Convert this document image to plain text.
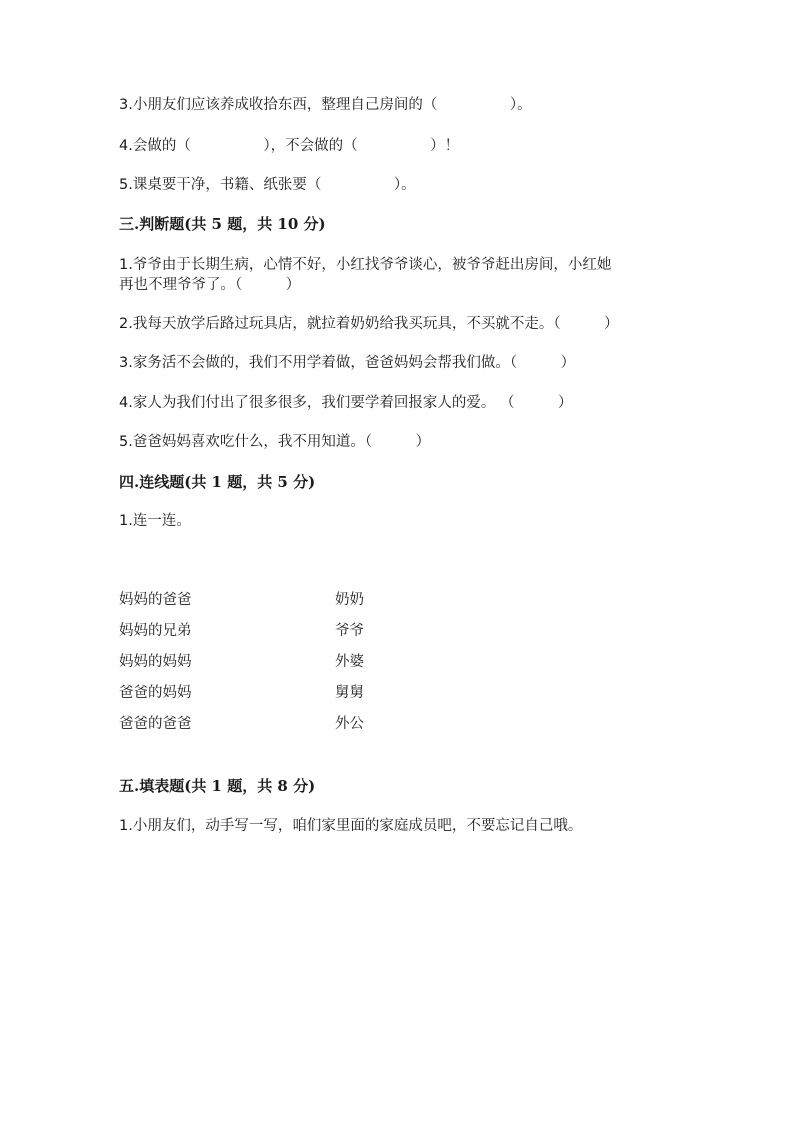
3.小朋友们应该养成收拾东西，整理自己房间的（　　　　　）。
4.会做的（　　　　　），不会做的（　　　　　）！
5.课桌要干净，书籍、纸张要（　　　　　）。
三.判断题(共 5 题，共 10 分)
1.爷爷由于长期生病，心情不好，小红找爷爷谈心，被爷爷赶出房间，小红她
再也不理爷爷了。（　　　）
2.我每天放学后路过玩具店，就拉着奶奶给我买玩具，不买就不走。（　　　）
3.家务活不会做的，我们不用学着做，爸爸妈妈会帮我们做。（　　　）
4.家人为我们付出了很多很多，我们要学着回报家人的爱。 （　　　）
5.爸爸妈妈喜欢吃什么，我不用知道。（　　　）
四.连线题(共 1 题，共 5 分)
1.连一连。
妈妈的爸爸
妈妈的兄弟
妈妈的妈妈
爸爸的妈妈
爸爸的爸爸
奶奶
爷爷
外婆
舅舅
外公
五.填表题(共 1 题，共 8 分)
1.小朋友们，动手写一写，咱们家里面的家庭成员吧，不要忘记自己哦。
